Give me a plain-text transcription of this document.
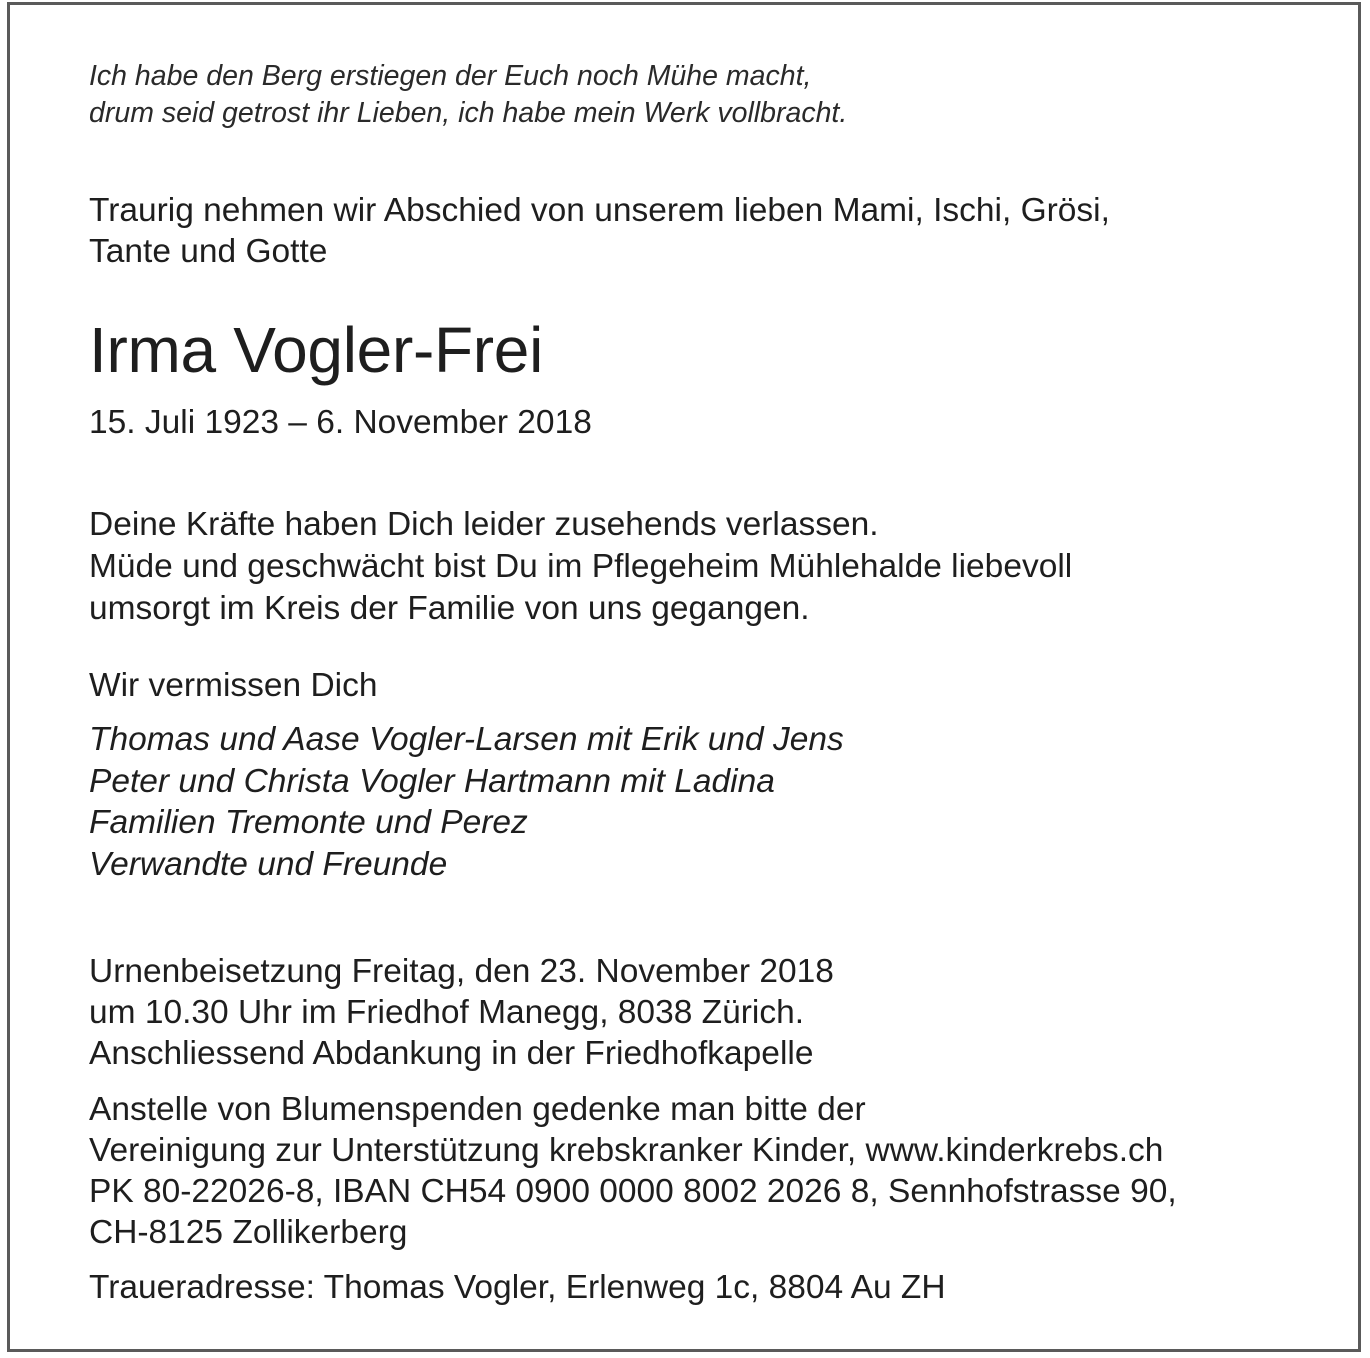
Ich habe den Berg erstiegen der Euch noch Mühe macht,
drum seid getrost ihr Lieben, ich habe mein Werk vollbracht.

Traurig nehmen wir Abschied von unserem lieben Mami, Ischi, Grösi,
Tante und Gotte

Irma Vogler-Frei

15. Juli 1923 – 6. November 2018

Deine Kräfte haben Dich leider zusehends verlassen.
Müde und geschwächt bist Du im Pflegeheim Mühlehalde liebevoll
umsorgt im Kreis der Familie von uns gegangen.

Wir vermissen Dich

Thomas und Aase Vogler-Larsen mit Erik und Jens
Peter und Christa Vogler Hartmann mit Ladina
Familien Tremonte und Perez
Verwandte und Freunde

Urnenbeisetzung Freitag, den 23. November 2018
um 10.30 Uhr im Friedhof Manegg, 8038 Zürich.
Anschliessend Abdankung in der Friedhofkapelle

Anstelle von Blumenspenden gedenke man bitte der
Vereinigung zur Unterstützung krebskranker Kinder, www.kinderkrebs.ch
PK 80-22026-8, IBAN CH54 0900 0000 8002 2026 8, Sennhofstrasse 90,
CH-8125 Zollikerberg

Traueradresse: Thomas Vogler, Erlenweg 1c, 8804 Au ZH
